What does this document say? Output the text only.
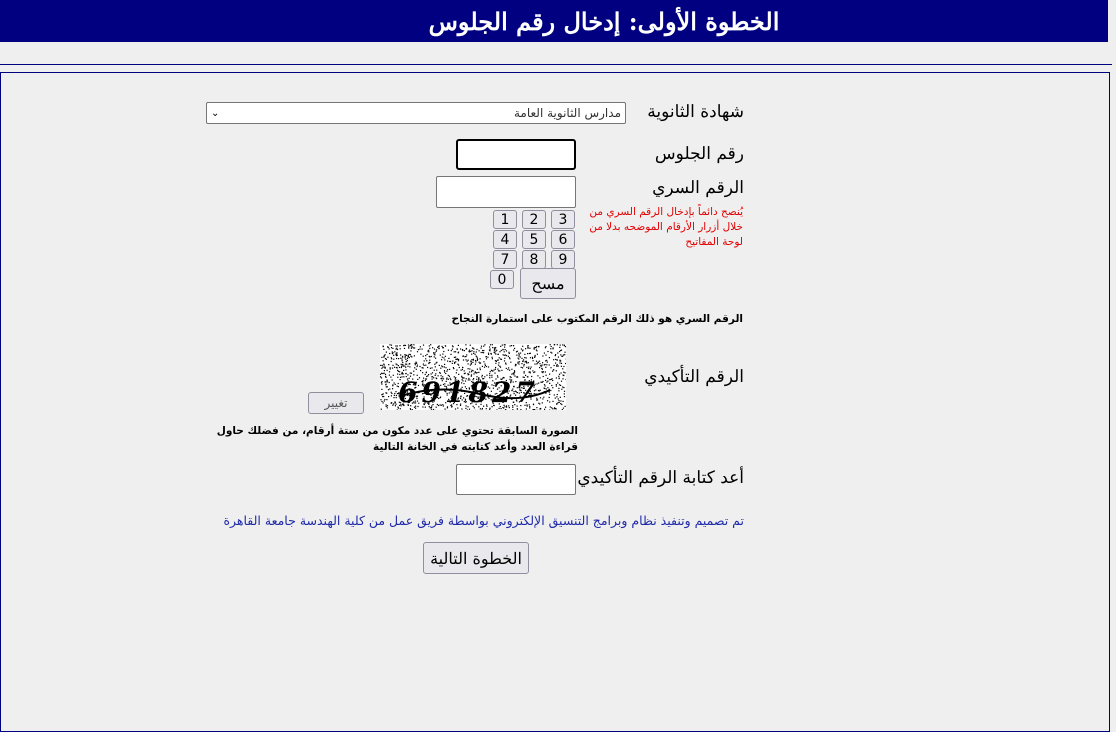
الخطوة الأولى: إدخال رقم الجلوس
شهادة الثانوية
⌄	مدارس الثانوية العامة
رقم الجلوس
الرقم السري
يُنصح دائماً بإدخال الرقم السري من خلال أزرار الأرقام الموضحه بدلا من لوحة المفاتيح
1	2	3
4	5	6
7	8	9
0	مسح
الرقم السري هو ذلك الرقم المكتوب على استمارة النجاح
الرقم التأكيدي
691827
تغيير
الصورة السابقة تحتوي على عدد مكون من ستة أرقام، من فضلك حاول قراءة العدد وأعد كتابته في الخانة التالية
أعد كتابة الرقم التأكيدي
تم تصميم وتنفيذ نظام وبرامج التنسيق الإلكتروني بواسطة فريق عمل من كلية الهندسة جامعة القاهرة
الخطوة التالية
